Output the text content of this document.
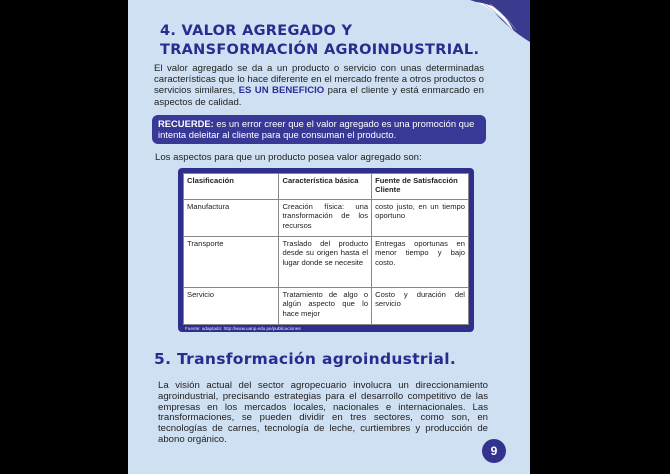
4. VALOR AGREGADO Y TRANSFORMACIÓN AGROINDUSTRIAL.

El valor agregado se da a un producto o servicio con unas determinadas características que lo hace diferente en el mercado frente a otros productos o servicios similares, ES UN BENEFICIO para el cliente y está enmarcado en aspectos de calidad.

RECUERDE: es un error creer que el valor agregado es una promoción que intenta deleitar al cliente para que consuman el producto.

Los aspectos para que un producto posea valor agregado son:

Clasificación	Característica básica	Fuente de Satisfacción Cliente
Manufactura	Creación física: una transformación de los recursos	costo justo, en un tiempo oportuno
Transporte	Traslado del producto desde su origen hasta el lugar donde se necesite	Entregas oportunas en menor tiempo y bajo costo.
Servicio	Tratamiento de algo o algún aspecto que lo hace mejor	Costo y duración del servicio
Fuente: adaptado: http://www.uanp.edu.pe/publicaciones
5. Transformación agroindustrial.

La visión actual del sector agropecuario involucra un direccionamiento agroindustrial, precisando estrategias para el desarrollo competitivo de las empresas en los mercados locales, nacionales e internacionales. Las transformaciones, se pueden dividir en tres sectores, como son, en tecnologías de carnes, tecnología de leche, curtiembres y producción de abono orgánico.

9
